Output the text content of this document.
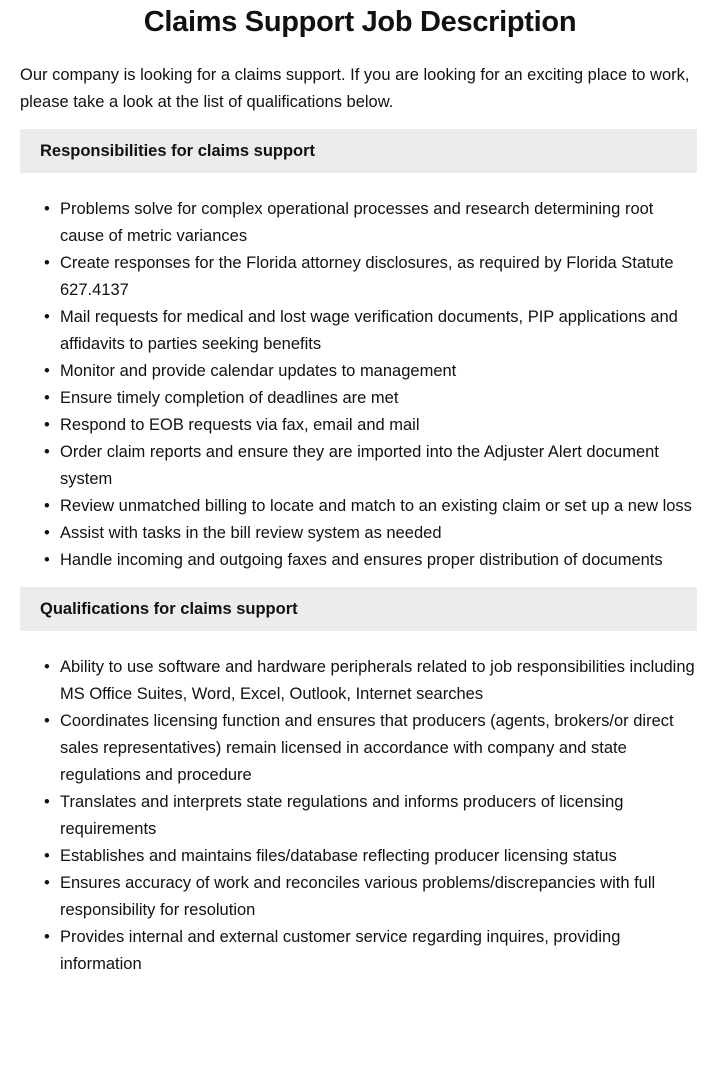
Claims Support Job Description

Our company is looking for a claims support. If you are looking for an exciting place to work, please take a look at the list of qualifications below.

Responsibilities for claims support
• Problems solve for complex operational processes and research determining root cause of metric variances
• Create responses for the Florida attorney disclosures, as required by Florida Statute 627.4137
• Mail requests for medical and lost wage verification documents, PIP applications and affidavits to parties seeking benefits
• Monitor and provide calendar updates to management
• Ensure timely completion of deadlines are met
• Respond to EOB requests via fax, email and mail
• Order claim reports and ensure they are imported into the Adjuster Alert document system
• Review unmatched billing to locate and match to an existing claim or set up a new loss
• Assist with tasks in the bill review system as needed
• Handle incoming and outgoing faxes and ensures proper distribution of documents
Qualifications for claims support
• Ability to use software and hardware peripherals related to job responsibilities including MS Office Suites, Word, Excel, Outlook, Internet searches
• Coordinates licensing function and ensures that producers (agents, brokers/or direct sales representatives) remain licensed in accordance with company and state regulations and procedure
• Translates and interprets state regulations and informs producers of licensing requirements
• Establishes and maintains files/database reflecting producer licensing status
• Ensures accuracy of work and reconciles various problems/discrepancies with full responsibility for resolution
• Provides internal and external customer service regarding inquires, providing information
